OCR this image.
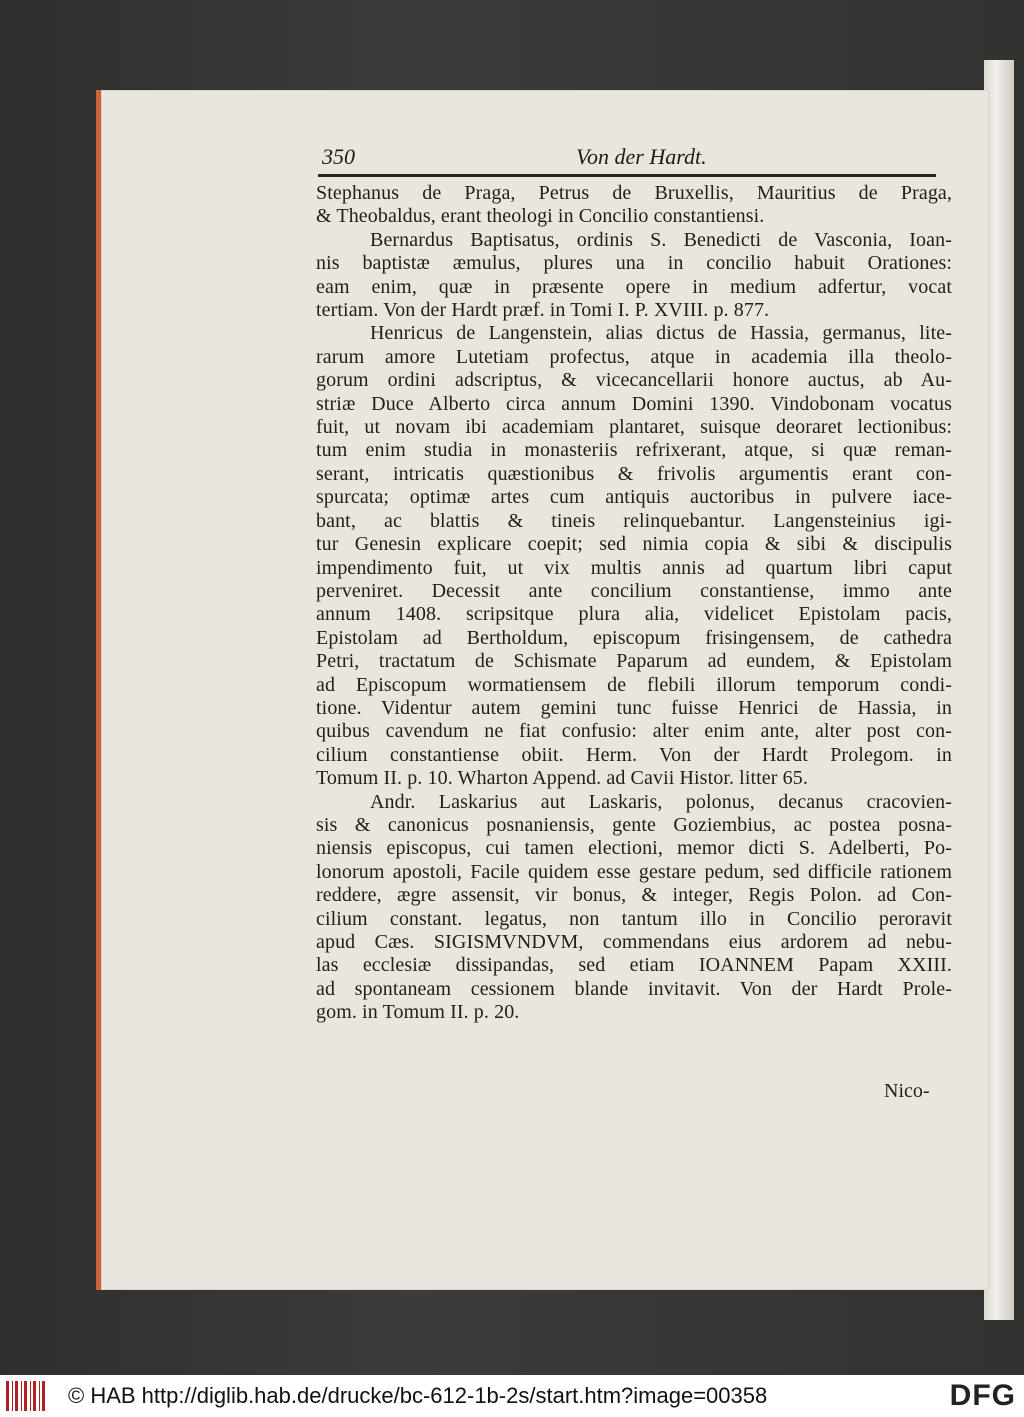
350	Von der Hardt.
Stephanus de Praga, Petrus de Bruxellis, Mauritius de Praga,
& Theobaldus, erant theologi in Concilio constantiensi.
Bernardus Baptisatus, ordinis S. Benedicti de Vasconia, Ioan-
nis baptistæ æmulus, plures una in concilio habuit Orationes:
eam enim, quæ in præsente opere in medium adfertur, vocat
tertiam. Von der Hardt præf. in Tomi I. P. XVIII. p. 877.
Henricus de Langenstein, alias dictus de Hassia, germanus, lite-
rarum amore Lutetiam profectus, atque in academia illa theolo-
gorum ordini adscriptus, & vicecancellarii honore auctus, ab Au-
striæ Duce Alberto circa annum Domini 1390. Vindobonam vocatus
fuit, ut novam ibi academiam plantaret, suisque deoraret lectionibus:
tum enim studia in monasteriis refrixerant, atque, si quæ reman-
serant, intricatis quæstionibus & frivolis argumentis erant con-
spurcata; optimæ artes cum antiquis auctoribus in pulvere iace-
bant, ac blattis & tineis relinquebantur. Langensteinius igi-
tur Genesin explicare coepit; sed nimia copia & sibi & discipulis
impendimento fuit, ut vix multis annis ad quartum libri caput
perveniret. Decessit ante concilium constantiense, immo ante
annum 1408. scripsitque plura alia, videlicet Epistolam pacis,
Epistolam ad Bertholdum, episcopum frisingensem, de cathedra
Petri, tractatum de Schismate Paparum ad eundem, & Epistolam
ad Episcopum wormatiensem de flebili illorum temporum condi-
tione. Videntur autem gemini tunc fuisse Henrici de Hassia, in
quibus cavendum ne fiat confusio: alter enim ante, alter post con-
cilium constantiense obiit. Herm. Von der Hardt Prolegom. in
Tomum II. p. 10. Wharton Append. ad Cavii Histor. litter 65.
Andr. Laskarius aut Laskaris, polonus, decanus cracovien-
sis & canonicus posnaniensis, gente Goziembius, ac postea posna-
niensis episcopus, cui tamen electioni, memor dicti S. Adelberti, Po-
lonorum apostoli, Facile quidem esse gestare pedum, sed difficile rationem
reddere, ægre assensit, vir bonus, & integer, Regis Polon. ad Con-
cilium constant. legatus, non tantum illo in Concilio peroravit
apud Cæs. SIGISMVNDVM, commendans eius ardorem ad nebu-
las ecclesiæ dissipandas, sed etiam IOANNEM Papam XXIII.
ad spontaneam cessionem blande invitavit. Von der Hardt Prole-
gom. in Tomum II. p. 20.
Nico-
© HAB http://diglib.hab.de/drucke/bc-612-1b-2s/start.htm?image=00358	DFG
